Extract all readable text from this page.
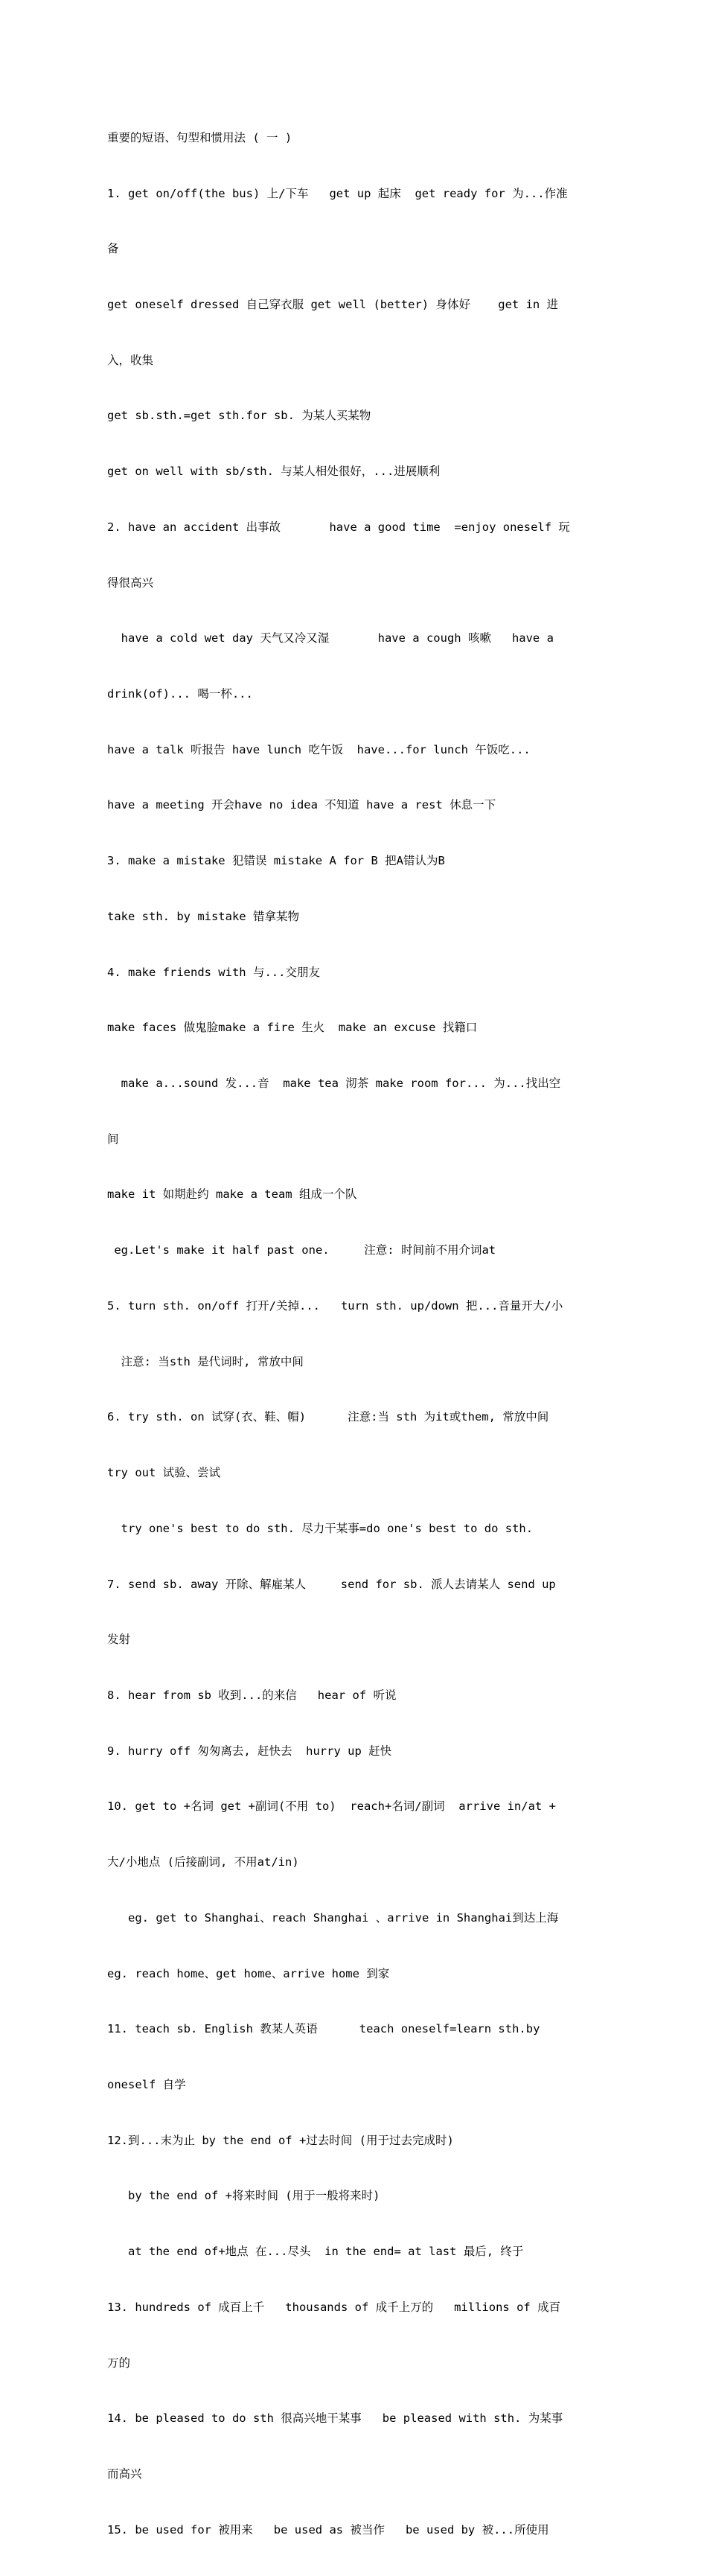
重要的短语、句型和惯用法 ( 一 )

1. get on/off(the bus) 上/下车   get up 起床  get ready for 为...作准

备

get oneself dressed 自己穿衣服 get well (better) 身体好    get in 进

入，收集

get sb.sth.=get sth.for sb. 为某人买某物

get on well with sb/sth. 与某人相处很好，...进展顺利

2. have an accident 出事故       have a good time  =enjoy oneself 玩

得很高兴

have a cold wet day 天气又冷又湿       have a cough 咳嗽   have a

drink(of)... 喝一杯...

have a talk 听报告 have lunch 吃午饭  have...for lunch 午饭吃...

have a meeting 开会have no idea 不知道 have a rest 休息一下

3. make a mistake 犯错误 mistake A for B 把A错认为B

take sth. by mistake 错拿某物

4. make friends with 与...交朋友

make faces 做鬼脸make a fire 生火  make an excuse 找籍口

make a...sound 发...音  make tea 沏茶 make room for... 为...找出空

间

make it 如期赴约 make a team 组成一个队

eg.Let's make it half past one.     注意: 时间前不用介词at

5. turn sth. on/off 打开/关掉...   turn sth. up/down 把...音量开大/小

注意: 当sth 是代词时, 常放中间

6. try sth. on 试穿(衣、鞋、帽)      注意:当 sth 为it或them, 常放中间

try out 试验、尝试

try one's best to do sth. 尽力干某事=do one's best to do sth.

7. send sb. away 开除、解雇某人     send for sb. 派人去请某人 send up

发射

8. hear from sb 收到...的来信   hear of 听说

9. hurry off 匆匆离去, 赶快去  hurry up 赶快

10. get to +名词 get +副词(不用 to)  reach+名词/副词  arrive in/at +

大/小地点 (后接副词, 不用at/in)

eg. get to Shanghai、reach Shanghai 、arrive in Shanghai到达上海

eg. reach home、get home、arrive home 到家

11. teach sb. English 教某人英语      teach oneself=learn sth.by

oneself 自学

12.到...末为止 by the end of +过去时间 (用于过去完成时)

by the end of +将来时间 (用于一般将来时)

at the end of+地点 在...尽头  in the end= at last 最后, 终于

13. hundreds of 成百上千   thousands of 成千上万的   millions of 成百

万的

14. be pleased to do sth 很高兴地干某事   be pleased with sth. 为某事

而高兴

15. be used for 被用来   be used as 被当作   be used by 被...所使用
